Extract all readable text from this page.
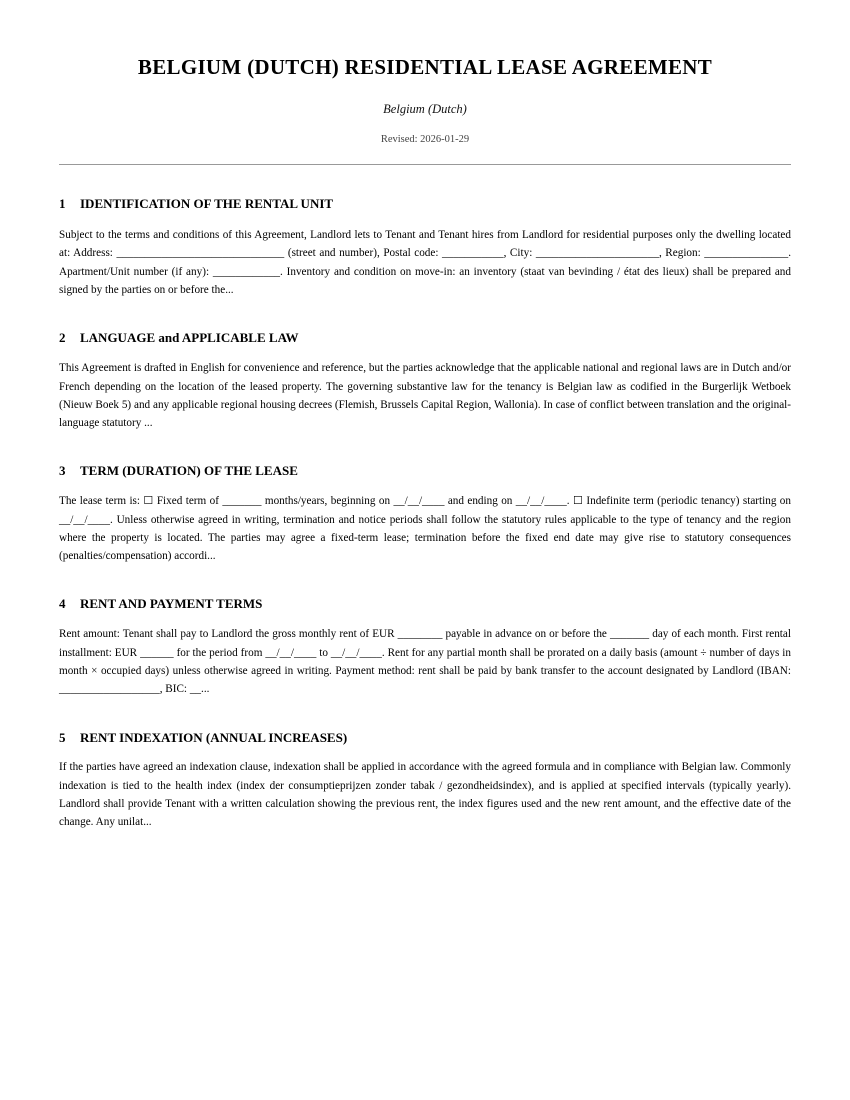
BELGIUM (DUTCH) RESIDENTIAL LEASE AGREEMENT
Belgium (Dutch)
Revised: 2026-01-29
1 IDENTIFICATION OF THE RENTAL UNIT

Subject to the terms and conditions of this Agreement, Landlord lets to Tenant and Tenant hires from Landlord for residential purposes only the dwelling located at: Address: ______________________________ (street and number), Postal code: ___________, City: ______________________, Region: _______________. Apartment/Unit number (if any): ____________. Inventory and condition on move-in: an inventory (staat van bevinding / état des lieux) shall be prepared and signed by the parties on or before the...

2 LANGUAGE and APPLICABLE LAW

This Agreement is drafted in English for convenience and reference, but the parties acknowledge that the applicable national and regional laws are in Dutch and/or French depending on the location of the leased property. The governing substantive law for the tenancy is Belgian law as codified in the Burgerlijk Wetboek (Nieuw Boek 5) and any applicable regional housing decrees (Flemish, Brussels Capital Region, Wallonia). In case of conflict between translation and the original-language statutory ...

3 TERM (DURATION) OF THE LEASE

The lease term is: ☐ Fixed term of _______ months/years, beginning on __/__/____ and ending on __/__/____. ☐ Indefinite term (periodic tenancy) starting on __/__/____. Unless otherwise agreed in writing, termination and notice periods shall follow the statutory rules applicable to the type of tenancy and the region where the property is located. The parties may agree a fixed-term lease; termination before the fixed end date may give rise to statutory consequences (penalties/compensation) accordi...

4 RENT AND PAYMENT TERMS

Rent amount: Tenant shall pay to Landlord the gross monthly rent of EUR ________ payable in advance on or before the _______ day of each month. First rental installment: EUR ______ for the period from __/__/____ to __/__/____. Rent for any partial month shall be prorated on a daily basis (amount ÷ number of days in month × occupied days) unless otherwise agreed in writing. Payment method: rent shall be paid by bank transfer to the account designated by Landlord (IBAN: __________________, BIC: __...

5 RENT INDEXATION (ANNUAL INCREASES)

If the parties have agreed an indexation clause, indexation shall be applied in accordance with the agreed formula and in compliance with Belgian law. Commonly indexation is tied to the health index (index der consumptieprijzen zonder tabak / gezondheidsindex), and is applied at specified intervals (typically yearly). Landlord shall provide Tenant with a written calculation showing the previous rent, the index figures used and the new rent amount, and the effective date of the change. Any unilat...
